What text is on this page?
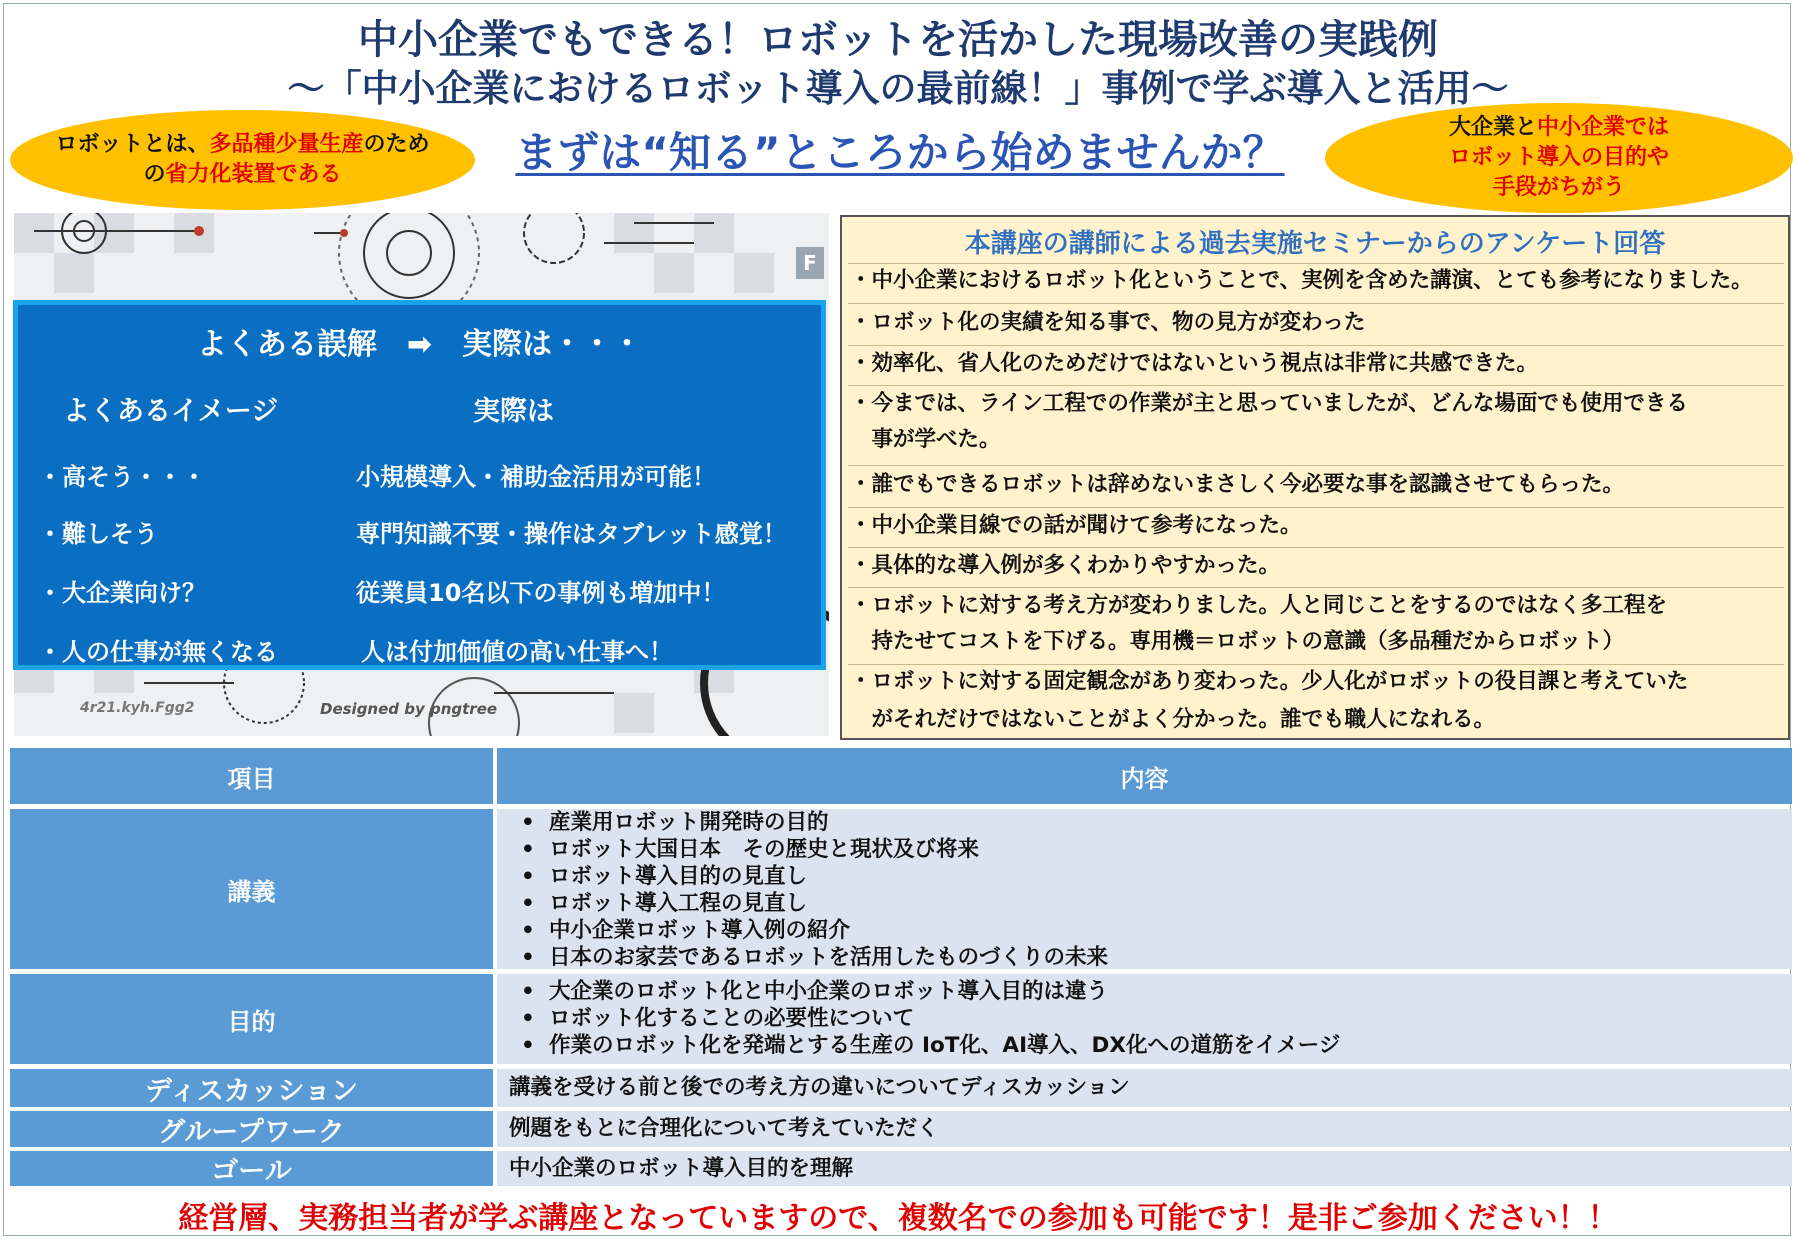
中小企業でもできる！ロボットを活かした現場改善の実践例
～「中小企業におけるロボット導入の最前線！」事例で学ぶ導入と活用～
ロボットとは、多品種少量生産のため
の省力化装置である	まずは“知る”ところから始めませんか？
大企業と中小企業では
ロボット導入の目的や
手段がちがう
F
4r21.kyh.Fgg2	Designed by pngtree
よくある誤解　➡　実際は・・・
よくあるイメージ	実際は
・高そう・・・	小規模導入・補助金活用が可能！
・難しそう	専門知識不要・操作はタブレット感覚！
・大企業向け？	従業員10名以下の事例も増加中！
・人の仕事が無くなる	人は付加価値の高い仕事へ！
本講座の講師による過去実施セミナーからのアンケート回答
・中小企業におけるロボット化ということで、実例を含めた講演、とても参考になりました。
・ロボット化の実績を知る事で、物の見方が変わった
・効率化、省人化のためだけではないという視点は非常に共感できた。
・今までは、ライン工程での作業が主と思っていましたが、どんな場面でも使用できる
　事が学べた。
・誰でもできるロボットは辞めないまさしく今必要な事を認識させてもらった。
・中小企業目線での話が聞けて参考になった。
・具体的な導入例が多くわかりやすかった。
・ロボットに対する考え方が変わりました。人と同じことをするのではなく多工程を
　持たせてコストを下げる。専用機＝ロボットの意識（多品種だからロボット）
・ロボットに対する固定観念があり変わった。少人化がロボットの役目課と考えていた
　がそれだけではないことがよく分かった。誰でも職人になれる。
項目	内容
講義
• 産業用ロボット開発時の目的
• ロボット大国日本　その歴史と現状及び将来
• ロボット導入目的の見直し
• ロボット導入工程の見直し
• 中小企業ロボット導入例の紹介
• 日本のお家芸であるロボットを活用したものづくりの未来
目的
• 大企業のロボット化と中小企業のロボット導入目的は違う
• ロボット化することの必要性について
• 作業のロボット化を発端とする生産の IoT化、AI導入、DX化への道筋をイメージ
ディスカッション	講義を受ける前と後での考え方の違いについてディスカッション
グループワーク	例題をもとに合理化について考えていただく
ゴール	中小企業のロボット導入目的を理解
経営層、実務担当者が学ぶ講座となっていますので、複数名での参加も可能です！是非ご参加ください！！
